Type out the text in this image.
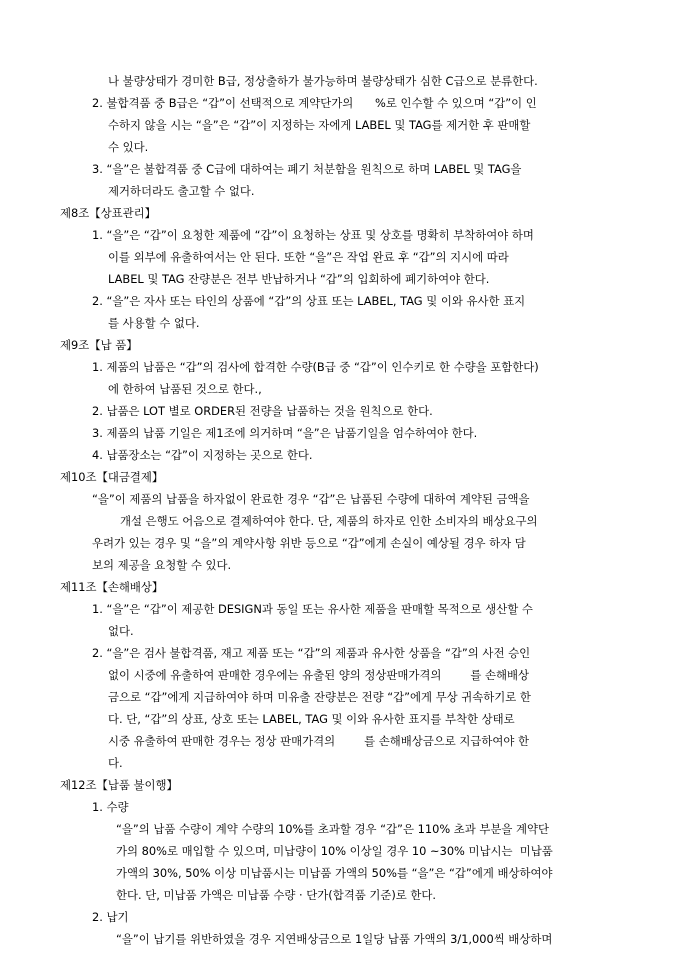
나 불량상태가 경미한 B급, 정상출하가 불가능하며 불량상태가 심한 C급으로 분류한다.
2. 불합격품 중 B급은 “갑”이 선택적으로 계약단가의      %로 인수할 수 있으며 “갑”이 인
수하지 않을 시는 “을”은 “갑”이 지정하는 자에게 LABEL 및 TAG를 제거한 후 판매할
수 있다.
3. “을”은 불합격품 중 C급에 대하여는 폐기 처분함을 원칙으로 하며 LABEL 및 TAG을
제거하더라도 출고할 수 없다.
제8조【상표관리】
1. “을”은 “갑”이 요청한 제품에 “갑”이 요청하는 상표 및 상호를 명확히 부착하여야 하며
이를 외부에 유출하여서는 안 된다. 또한 “을”은 작업 완료 후 “갑”의 지시에 따라
LABEL 및 TAG 잔량분은 전부 반납하거나 “갑”의 입회하에 폐기하여야 한다.
2. “을”은 자사 또는 타인의 상품에 “갑”의 상표 또는 LABEL, TAG 및 이와 유사한 표지
를 사용할 수 없다.
제9조【납 품】
1. 제품의 납품은 “갑”의 검사에 합격한 수량(B급 중 “갑”이 인수키로 한 수량을 포함한다)
에 한하여 납품된 것으로 한다.,
2. 납품은 LOT 별로 ORDER된 전량을 납품하는 것을 원칙으로 한다.
3. 제품의 납품 기일은 제1조에 의거하며 “을”은 납품기일을 엄수하여야 한다.
4. 납품장소는 “갑”이 지정하는 곳으로 한다.
제10조【대금결제】
“을”이 제품의 납품을 하자없이 완료한 경우 “갑”은 납품된 수량에 대하여 계약된 금액을
개설 은행도 어음으로 결제하여야 한다. 단, 제품의 하자로 인한 소비자의 배상요구의
우려가 있는 경우 및 “을”의 계약사항 위반 등으로 “갑”에게 손실이 예상될 경우 하자 담
보의 제공을 요청할 수 있다.
제11조【손해배상】
1. “을”은 “갑”이 제공한 DESIGN과 동일 또는 유사한 제품을 판매할 목적으로 생산할 수
없다.
2. “을”은 검사 불합격품, 재고 제품 또는 “갑”의 제품과 유사한 상품을 “갑”의 사전 승인
없이 시중에 유출하여 판매한 경우에는 유출된 양의 정상판매가격의        를 손해배상
금으로 “갑”에게 지급하여야 하며 미유출 잔량분은 전량 “갑”에게 무상 귀속하기로 한
다. 단, “갑”의 상표, 상호 또는 LABEL, TAG 및 이와 유사한 표지를 부착한 상태로
시중 유출하여 판매한 경우는 정상 판매가격의        를 손해배상금으로 지급하여야 한
다.
제12조【납품 불이행】
1. 수량
“을”의 납품 수량이 계약 수량의 10%를 초과할 경우 “갑”은 110% 초과 부분을 계약단
가의 80%로 매입할 수 있으며, 미납량이 10% 이상일 경우 10 ~30% 미납시는  미납품
가액의 30%, 50% 이상 미납품시는 미납품 가액의 50%를 “을”은 “갑”에게 배상하여야
한다. 단, 미납품 가액은 미납품 수량 · 단가(합격품 기준)로 한다.
2. 납기
“을”이 납기를 위반하였을 경우 지연배상금으로 1일당 납품 가액의 3/1,000씩 배상하며
